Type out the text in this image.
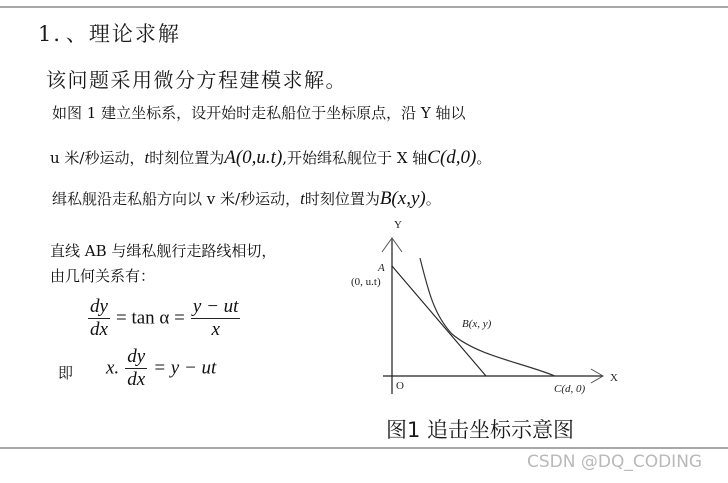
1．、理论求解
该问题采用微分方程建模求解。
如图 1 建立坐标系，设开始时走私船位于坐标原点，沿 Y 轴以
u 米/秒运动，t时刻位置为A(0,u.t),开始缉私舰位于 X 轴C(d,0)。
缉私舰沿走私船方向以 v 米/秒运动，t时刻位置为B(x,y)。
直线 AB 与缉私舰行走路线相切，
由几何关系有：
$\frac{dy}{dx} = \tan \alpha = \frac{y - ut}{x}$
即 x. $\frac{dy}{dx} = y$ − ut
Y
X
O
A
(0, u.t)
B(x, y)
C(d, 0)
图1 追击坐标示意图
CSDN @DQ_CODING
